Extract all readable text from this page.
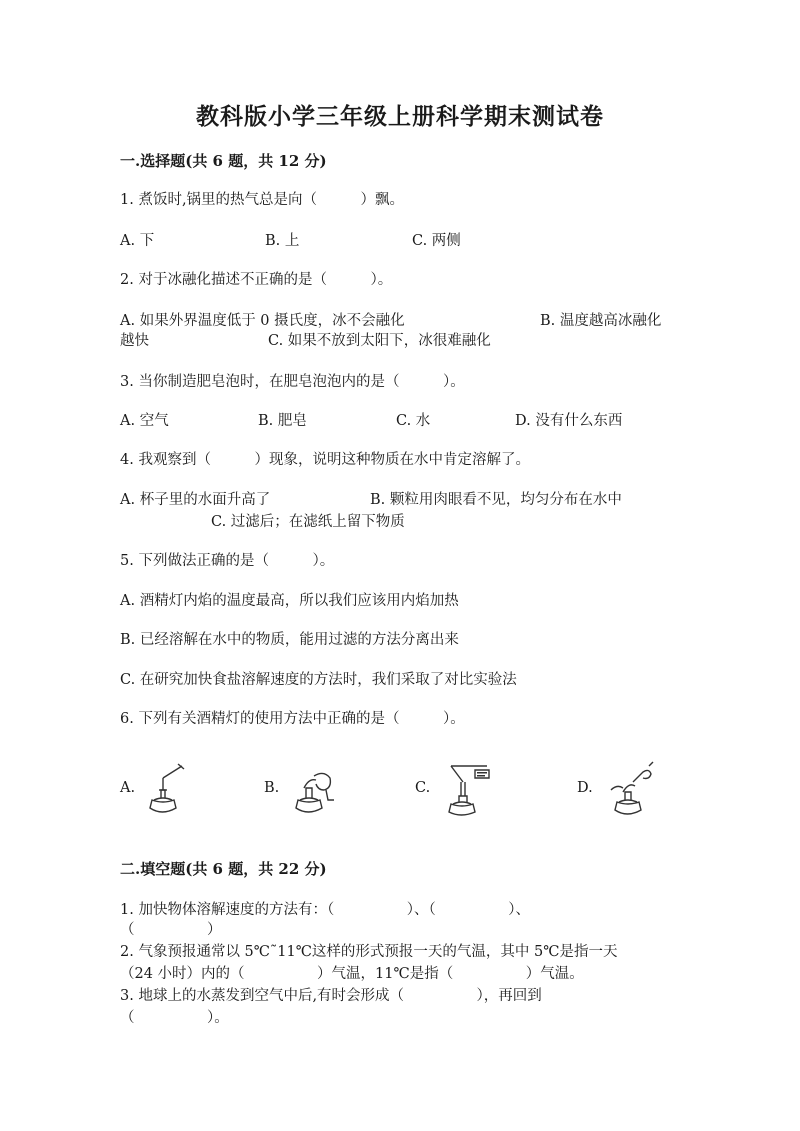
教科版小学三年级上册科学期末测试卷
一.选择题(共 6 题，共 12 分)
1. 煮饭时,锅里的热气总是向（　　　）飘。
A. 下	B. 上	C. 两侧
2. 对于冰融化描述不正确的是（　　　）。
A. 如果外界温度低于 0 摄氏度，冰不会融化	B. 温度越高冰融化
越快	C. 如果不放到太阳下，冰很难融化
3. 当你制造肥皂泡时，在肥皂泡泡内的是（　　　）。
A. 空气	B. 肥皂	C. 水	D. 没有什么东西
4. 我观察到（　　　）现象，说明这种物质在水中肯定溶解了。
A. 杯子里的水面升高了	B. 颗粒用肉眼看不见，均匀分布在水中
C. 过滤后；在滤纸上留下物质
5. 下列做法正确的是（　　　）。
A. 酒精灯内焰的温度最高，所以我们应该用内焰加热
B. 已经溶解在水中的物质，能用过滤的方法分离出来
C. 在研究加快食盐溶解速度的方法时，我们采取了对比实验法
6. 下列有关酒精灯的使用方法中正确的是（　　　）。
A.	B.	C.	D.
二.填空题(共 6 题，共 22 分)
1. 加快物体溶解速度的方法有：（　　　　　）、（　　　　　）、
（　　　　　）
2. 气象预报通常以 5℃˜11℃这样的形式预报一天的气温，其中 5℃是指一天
（24 小时）内的（　　　　　）气温，11℃是指（　　　　　）气温。
3. 地球上的水蒸发到空气中后,有时会形成（　　　　　），再回到
（　　　　　）。
